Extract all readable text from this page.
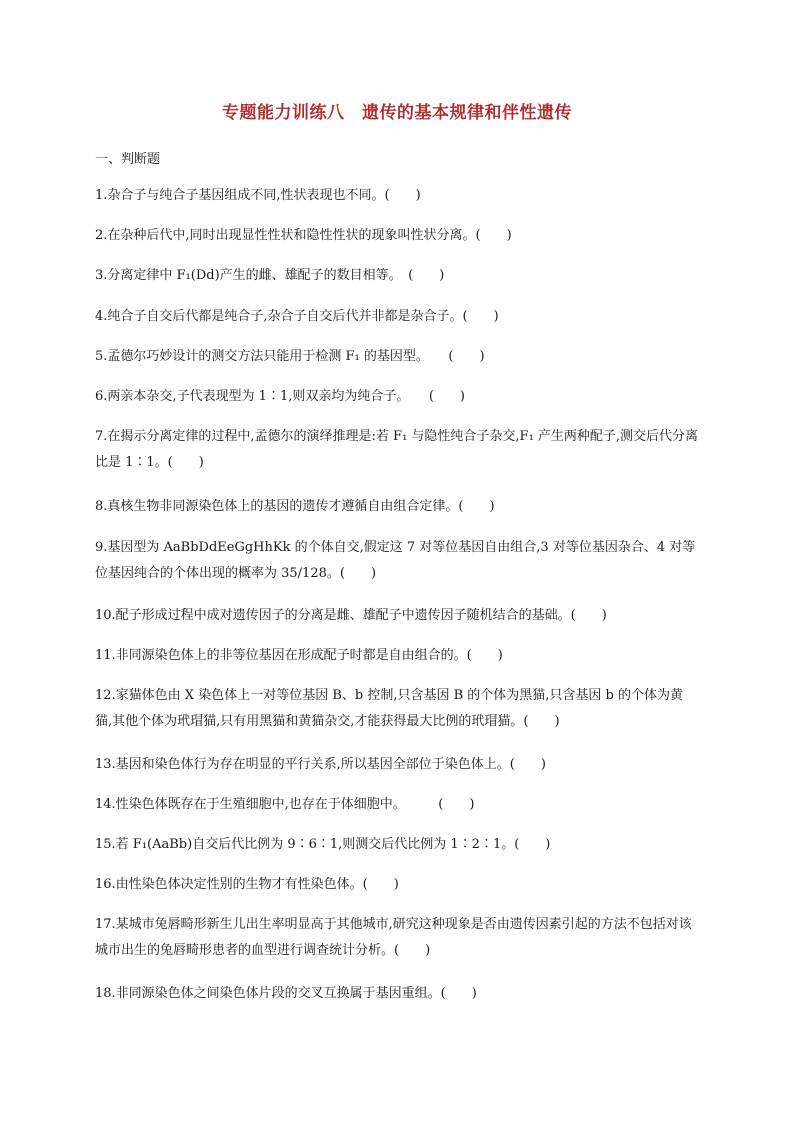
专题能力训练八　遗传的基本规律和伴性遗传
一、判断题
1.杂合子与纯合子基因组成不同,性状表现也不同。(　　)
2.在杂种后代中,同时出现显性性状和隐性性状的现象叫性状分离。(　　)
3.分离定律中 F₁(Dd)产生的雌、雄配子的数目相等。　(　　)
4.纯合子自交后代都是纯合子,杂合子自交后代并非都是杂合子。(　　)
5.孟德尔巧妙设计的测交方法只能用于检测 F₁ 的基因型。　　(　　)
6.两亲本杂交,子代表现型为 1∶1,则双亲均为纯合子。　　(　　)
7.在揭示分离定律的过程中,孟德尔的演绎推理是:若 F₁ 与隐性纯合子杂交,F₁ 产生两种配子,测交后代分离比是 1∶1。(　　)
8.真核生物非同源染色体上的基因的遗传才遵循自由组合定律。(　　)
9.基因型为 AaBbDdEeGgHhKk 的个体自交,假定这 7 对等位基因自由组合,3 对等位基因杂合、4 对等位基因纯合的个体出现的概率为 35/128。(　　)
10.配子形成过程中成对遗传因子的分离是雌、雄配子中遗传因子随机结合的基础。(　　)
11.非同源染色体上的非等位基因在形成配子时都是自由组合的。(　　)
12.家猫体色由 X 染色体上一对等位基因 B、b 控制,只含基因 B 的个体为黑猫,只含基因 b 的个体为黄猫,其他个体为玳瑁猫,只有用黑猫和黄猫杂交,才能获得最大比例的玳瑁猫。(　　)
13.基因和染色体行为存在明显的平行关系,所以基因全部位于染色体上。(　　)
14.性染色体既存在于生殖细胞中,也存在于体细胞中。　　　(　　)
15.若 F₁(AaBb)自交后代比例为 9∶6∶1,则测交后代比例为 1∶2∶1。(　　)
16.由性染色体决定性别的生物才有性染色体。(　　)
17.某城市兔唇畸形新生儿出生率明显高于其他城市,研究这种现象是否由遗传因素引起的方法不包括对该城市出生的兔唇畸形患者的血型进行调查统计分析。(　　)
18.非同源染色体之间染色体片段的交叉互换属于基因重组。(　　)
